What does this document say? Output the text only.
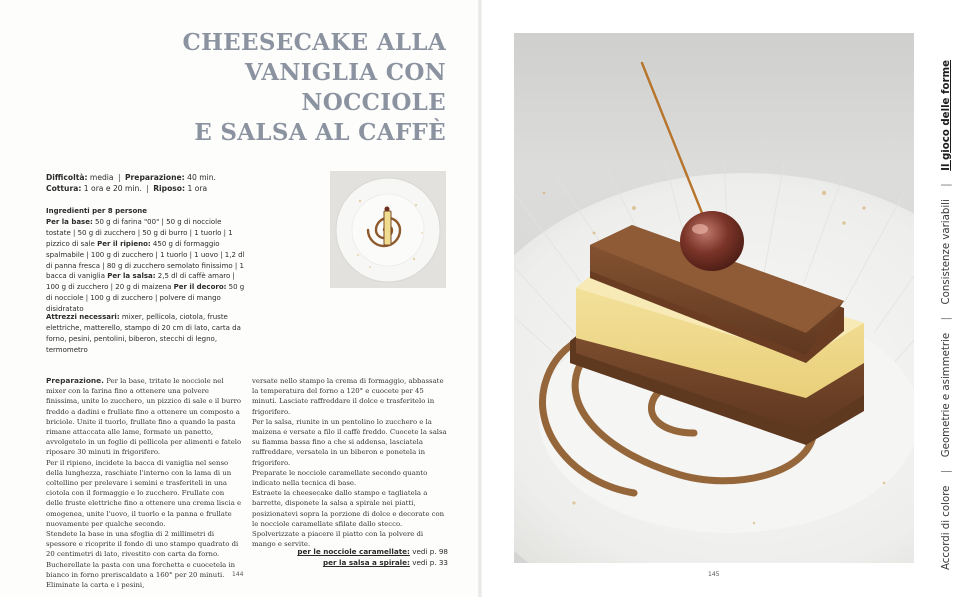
CHEESECAKE ALLA
VANIGLIA CON NOCCIOLE
E SALSA AL CAFFÈ
Difficoltà: media | Preparazione: 40 min.
Cottura: 1 ora e 20 min. | Riposo: 1 ora
Ingredienti per 8 persone
Per la base: 50 g di farina "00" | 50 g di nocciole tostate | 50 g di zucchero | 50 g di burro | 1 tuorlo | 1 pizzico di sale Per il ripieno: 450 g di formaggio spalmabile | 100 g di zucchero | 1 tuorlo | 1 uovo | 1,2 dl di panna fresca | 80 g di zucchero semolato finissimo | 1 bacca di vaniglia Per la salsa: 2,5 dl di caffè amaro | 100 g di zucchero | 20 g di maizena Per il decoro: 50 g di nocciole | 100 g di zucchero | polvere di mango disidratato
Attrezzi necessari: mixer, pellicola, ciotola, fruste elettriche, matterello, stampo di 20 cm di lato, carta da forno, pesini, pentolini, biberon, stecchi di legno, termometro

Preparazione. Per la base, tritate le nocciole nel mixer con la farina fino a ottenere una polvere finissima, unite lo zucchero, un pizzico di sale e il burro freddo a dadini e frullate fino a ottenere un composto a briciole. Unite il tuorlo, frullate fino a quando la pasta rimane attaccata alle lame, formate un panetto, avvolgetelo in un foglio di pellicola per alimenti e fatelo riposare 30 minuti in frigorifero.

Per il ripieno, incidete la bacca di vaniglia nel senso della lunghezza, raschiate l'interno con la lama di un coltellino per prelevare i semini e trasferiteli in una ciotola con il formaggio e lo zucchero. Frullate con delle fruste elettriche fino a ottenere una crema liscia e omogenea, unite l'uovo, il tuorlo e la panna e frullate nuovamente per qualche secondo.

Stendete la base in una sfoglia di 2 millimetri di spessore e ricoprite il fondo di uno stampo quadrato di 20 centimetri di lato, rivestito con carta da forno. Bucherellate la pasta con una forchetta e cuocetela in bianco in forno preriscaldato a 160° per 20 minuti. Eliminate la carta e i pesini,

versate nello stampo la crema di formaggio, abbassate la temperatura del forno a 120° e cuocete per 45 minuti. Lasciate raffreddare il dolce e trasferitelo in frigorifero.

Per la salsa, riunite in un pentolino lo zucchero e la maizena e versate a filo il caffè freddo. Cuocete la salsa su fiamma bassa fino a che si addensa, lasciatela raffreddare, versatela in un biberon e ponetela in frigorifero.

Preparate le nocciole caramellate secondo quanto indicato nella tecnica di base.

Estraete la cheesecake dallo stampo e tagliatela a barrette, disponete la salsa a spirale nei piatti, posizionatevi sopra la porzione di dolce e decorate con le nocciole caramellate sfilate dallo stecco. Spolverizzate a piacere il piatto con la polvere di mango e servite.

per le nocciole caramellate: vedi p. 98
per la salsa a spirale: vedi p. 33
144	145
Accordi di colore
|
Geometrie e asimmetrie
|
Consistenze variabili
|
Il gioco delle forme
